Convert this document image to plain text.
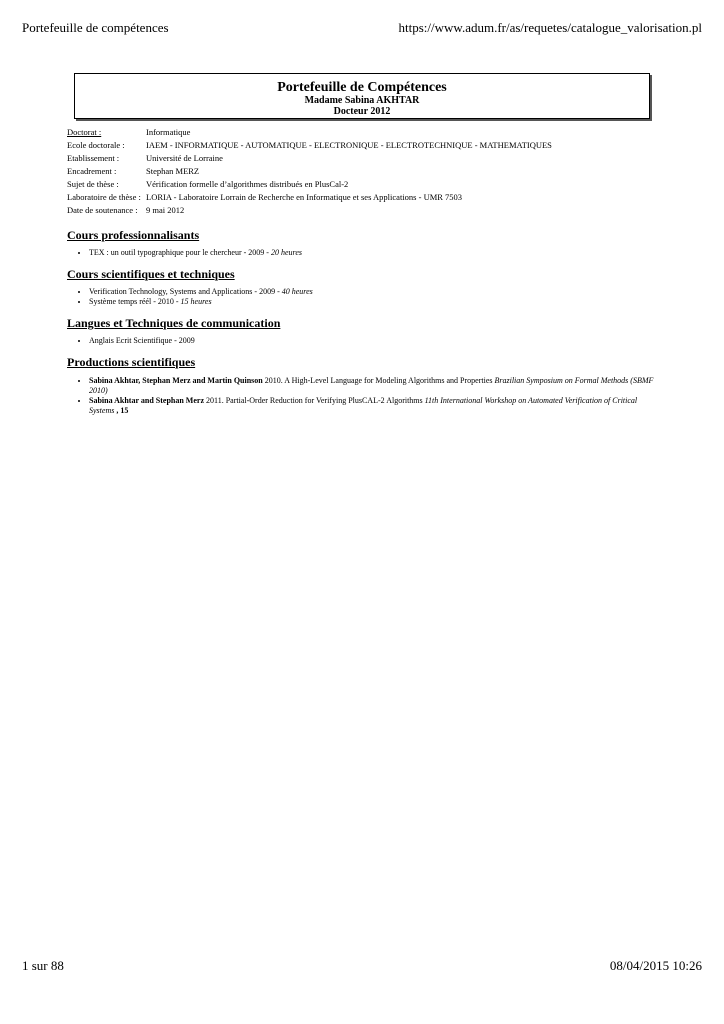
Portefeuille de compétences	https://www.adum.fr/as/requetes/catalogue_valorisation.pl
Portefeuille de Compétences
Madame Sabina AKHTAR
Docteur 2012
Doctorat :	Informatique
Ecole doctorale :	IAEM - INFORMATIQUE - AUTOMATIQUE - ELECTRONIQUE - ELECTROTECHNIQUE - MATHEMATIQUES
Etablissement :	Université de Lorraine
Encadrement :	Stephan MERZ
Sujet de thèse :	Vérification formelle d’algorithmes distribués en PlusCal-2
Laboratoire de thèse :	LORIA - Laboratoire Lorrain de Recherche en Informatique et ses Applications - UMR 7503
Date de soutenance :	9 mai 2012
Cours professionnalisants
• TEX : un outil typographique pour le chercheur - 2009 - 20 heures
Cours scientifiques et techniques
• Verification Technology, Systems and Applications - 2009 - 40 heures
• Système temps réél - 2010 - 15 heures
Langues et Techniques de communication
• Anglais Ecrit Scientifique - 2009
Productions scientifiques
• Sabina Akhtar, Stephan Merz and Martin Quinson 2010. A High-Level Language for Modeling Algorithms and Properties Brazilian Symposium on Formal Methods (SBMF 2010)
• Sabina Akhtar and Stephan Merz 2011. Partial-Order Reduction for Verifying PlusCAL-2 Algorithms 11th International Workshop on Automated Verification of Critical Systems , 15
1 sur 88	08/04/2015 10:26
